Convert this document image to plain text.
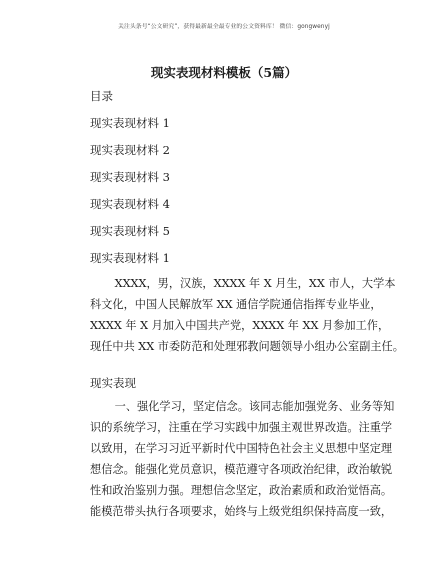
关注头条号“公文研究”，获得最新最全最专业的公文资料库！ 微信：gongwenyj
现实表现材料模板（5篇）
目录
现实表现材料 1
现实表现材料 2
现实表现材料 3
现实表现材料 4
现实表现材料 5
现实表现材料 1
XXXX，男，汉族，XXXX 年 X 月生，XX 市人，大学本
科文化，中国人民解放军 XX 通信学院通信指挥专业毕业，
XXXX 年 X 月加入中国共产党，XXXX 年 XX 月参加工作，
现任中共 XX 市委防范和处理邪教问题领导小组办公室副主任。
现实表现
一、强化学习，坚定信念。该同志能加强党务、业务等知
识的系统学习，注重在学习实践中加强主观世界改造。注重学
以致用，在学习习近平新时代中国特色社会主义思想中坚定理
想信念。能强化党员意识，模范遵守各项政治纪律，政治敏锐
性和政治鉴别力强。理想信念坚定，政治素质和政治觉悟高。
能模范带头执行各项要求，始终与上级党组织保持高度一致，
